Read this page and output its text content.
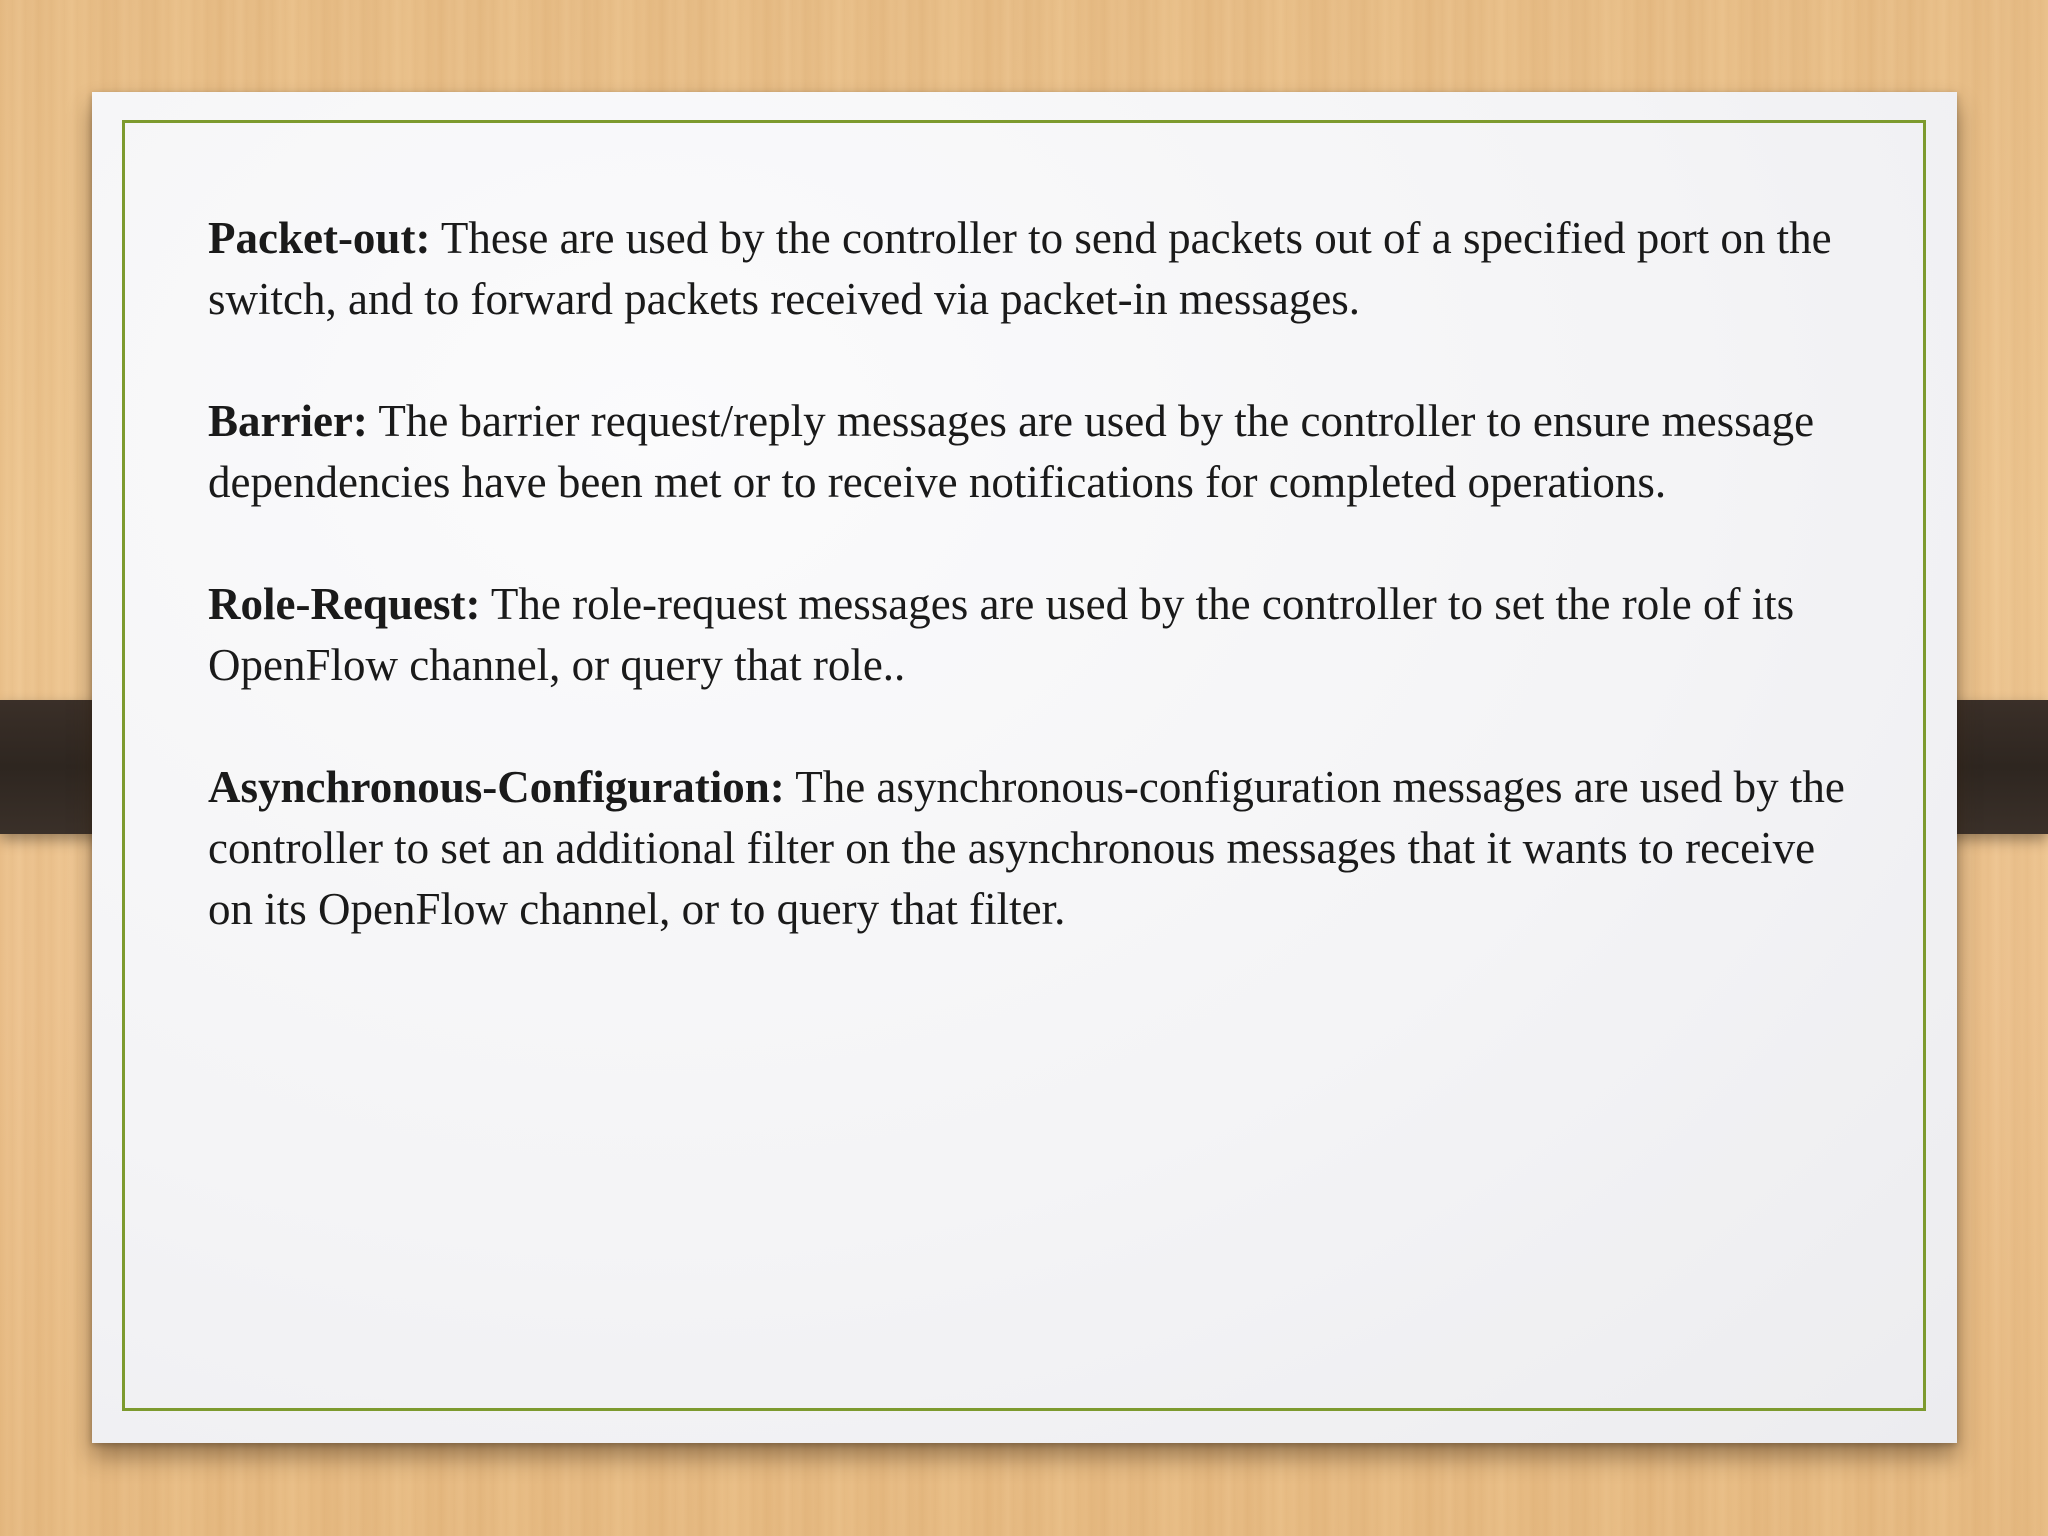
Packet-out: These are used by the controller to send packets out of a specified port on the switch, and to forward packets received via packet-in messages.

Barrier: The barrier request/reply messages are used by the controller to ensure message dependencies have been met or to receive notifications for completed operations.

Role-Request: The role-request messages are used by the controller to set the role of its OpenFlow channel, or query that role..

Asynchronous-Configuration: The asynchronous-configuration messages are used by the controller to set an additional filter on the asynchronous messages that it wants to receive on its OpenFlow channel, or to query that filter.
